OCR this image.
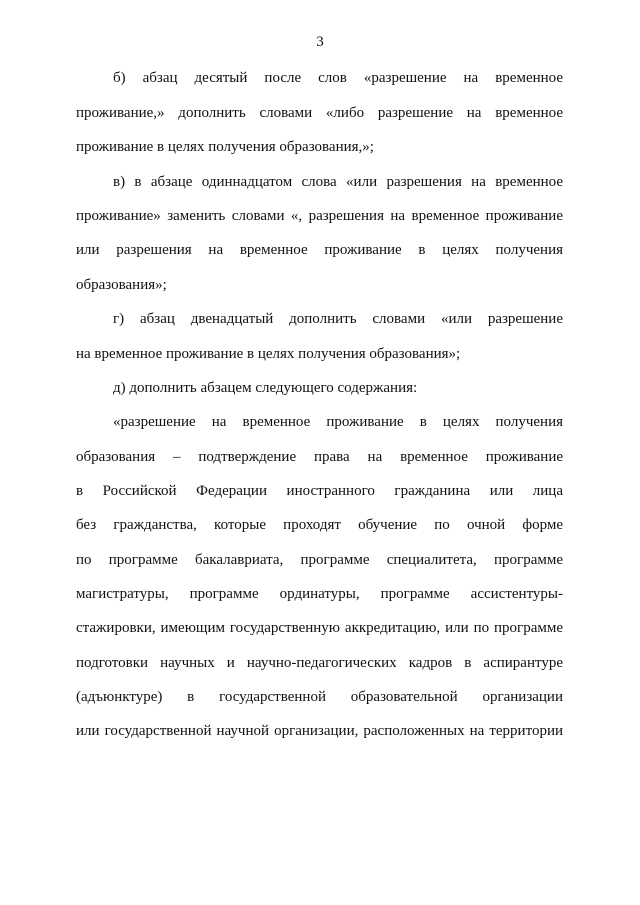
3
б) абзац десятый после слов «разрешение на временное
проживание,» дополнить словами «либо разрешение на временное
проживание в целях получения образования,»;
в) в абзаце одиннадцатом слова «или разрешения на временное
проживание» заменить словами «, разрешения на временное проживание
или разрешения на временное проживание в целях получения
образования»;
г) абзац двенадцатый дополнить словами «или разрешение
на временное проживание в целях получения образования»;
д) дополнить абзацем следующего содержания:
«разрешение на временное проживание в целях получения
образования – подтверждение права на временное проживание
в Российской Федерации иностранного гражданина или лица
без гражданства, которые проходят обучение по очной форме
по программе бакалавриата, программе специалитета, программе
магистратуры, программе ординатуры, программе ассистентуры-
стажировки, имеющим государственную аккредитацию, или по программе
подготовки научных и научно-педагогических кадров в аспирантуре
(адъюнктуре) в государственной образовательной организации
или государственной научной организации, расположенных на территории
